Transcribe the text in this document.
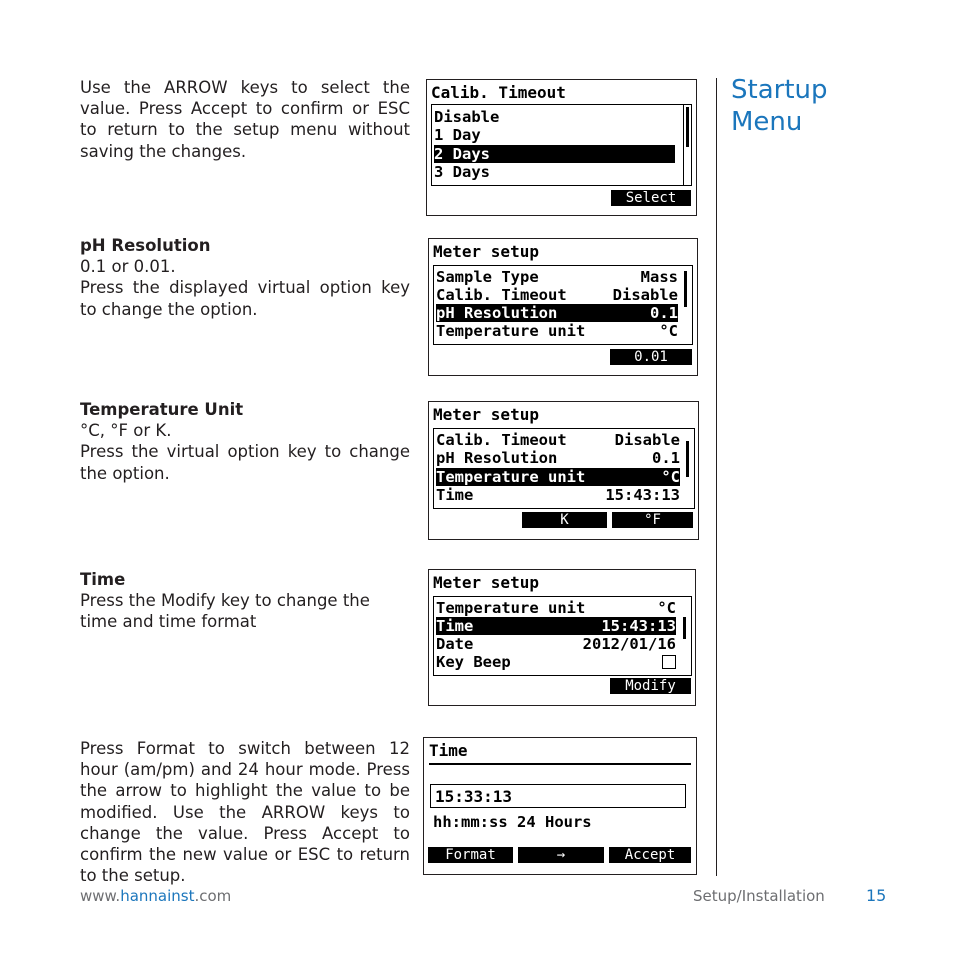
Use the ARROW keys to select the value. Press Accept to confirm or ESC to return to the setup menu without saving the changes.
pH Resolution
0.1 or 0.01.
Press the displayed virtual option key to change the option.
Temperature Unit
°C, °F or K.
Press the virtual option key to change the option.
Time
Press the Modify key to change the time and time format
Press Format to switch between 12 hour (am/pm) and 24 hour mode. Press the arrow to highlight the value to be modified. Use the ARROW keys to change the value. Press Accept to confirm the new value or ESC to return to the setup.
Calib. Timeout
Disable
1 Day
2 Days
3 Days
Select
Meter setup
Sample Type	Mass
Calib. Timeout	Disable
pH Resolution	0.1
Temperature unit	°C
0.01
Meter setup
Calib. Timeout	Disable
pH Resolution	0.1
Temperature unit	°C
Time	15:43:13
K	°F
Meter setup
Temperature unit	°C
Time	15:43:13
Date	2012/01/16
Key Beep
Modify
Time
15:33:13
hh:mm:ss 24 Hours
Format	→	Accept
Startup
Menu
www.hannainst.com	Setup/Installation	15
